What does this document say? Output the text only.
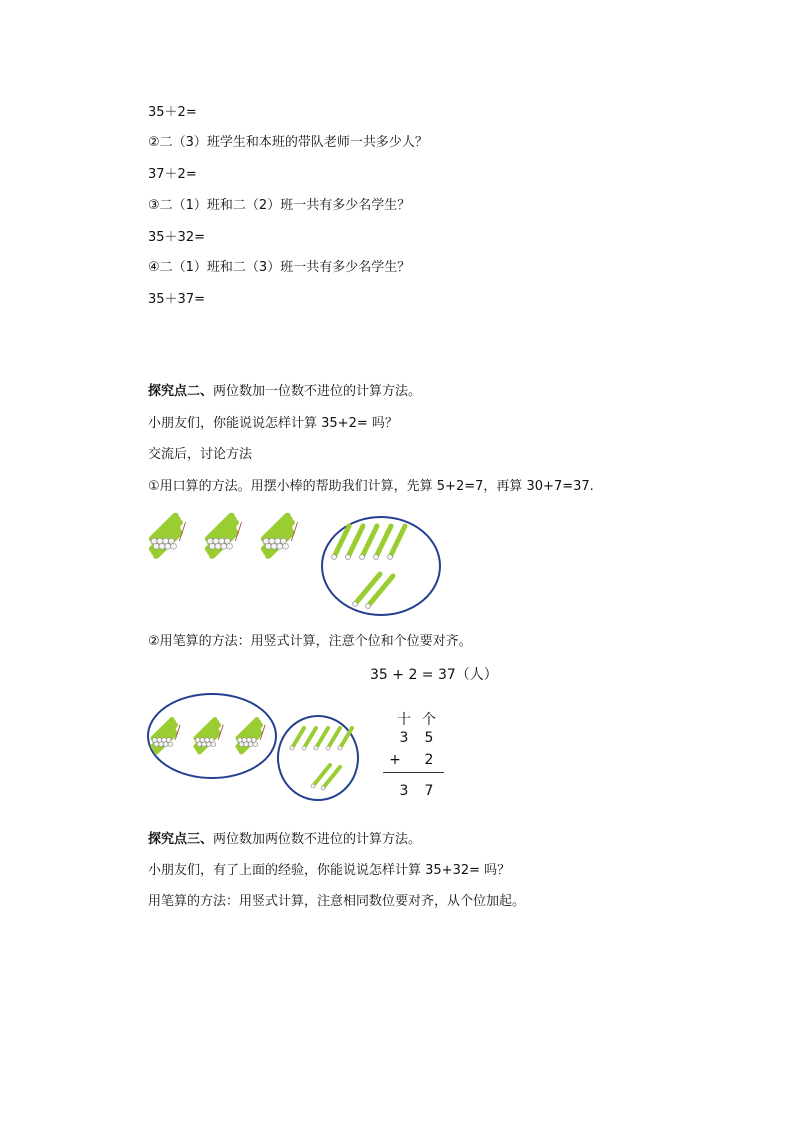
35＋2=
②二（3）班学生和本班的带队老师一共多少人？
37＋2=
③二（1）班和二（2）班一共有多少名学生？
35＋32=
④二（1）班和二（3）班一共有多少名学生？
35＋37=
探究点二、两位数加一位数不进位的计算方法。
小朋友们，你能说说怎样计算 35+2= 吗？
交流后，讨论方法
①用口算的方法。用摆小棒的帮助我们计算，先算 5+2=7，再算 30+7=37.
②用笔算的方法：用竖式计算，注意个位和个位要对齐。
35 + 2 = 37（人）
十 个
3 5
+ 2
3 7
探究点三、两位数加两位数不进位的计算方法。
小朋友们，有了上面的经验，你能说说怎样计算 35+32= 吗？
用笔算的方法：用竖式计算，注意相同数位要对齐，从个位加起。
